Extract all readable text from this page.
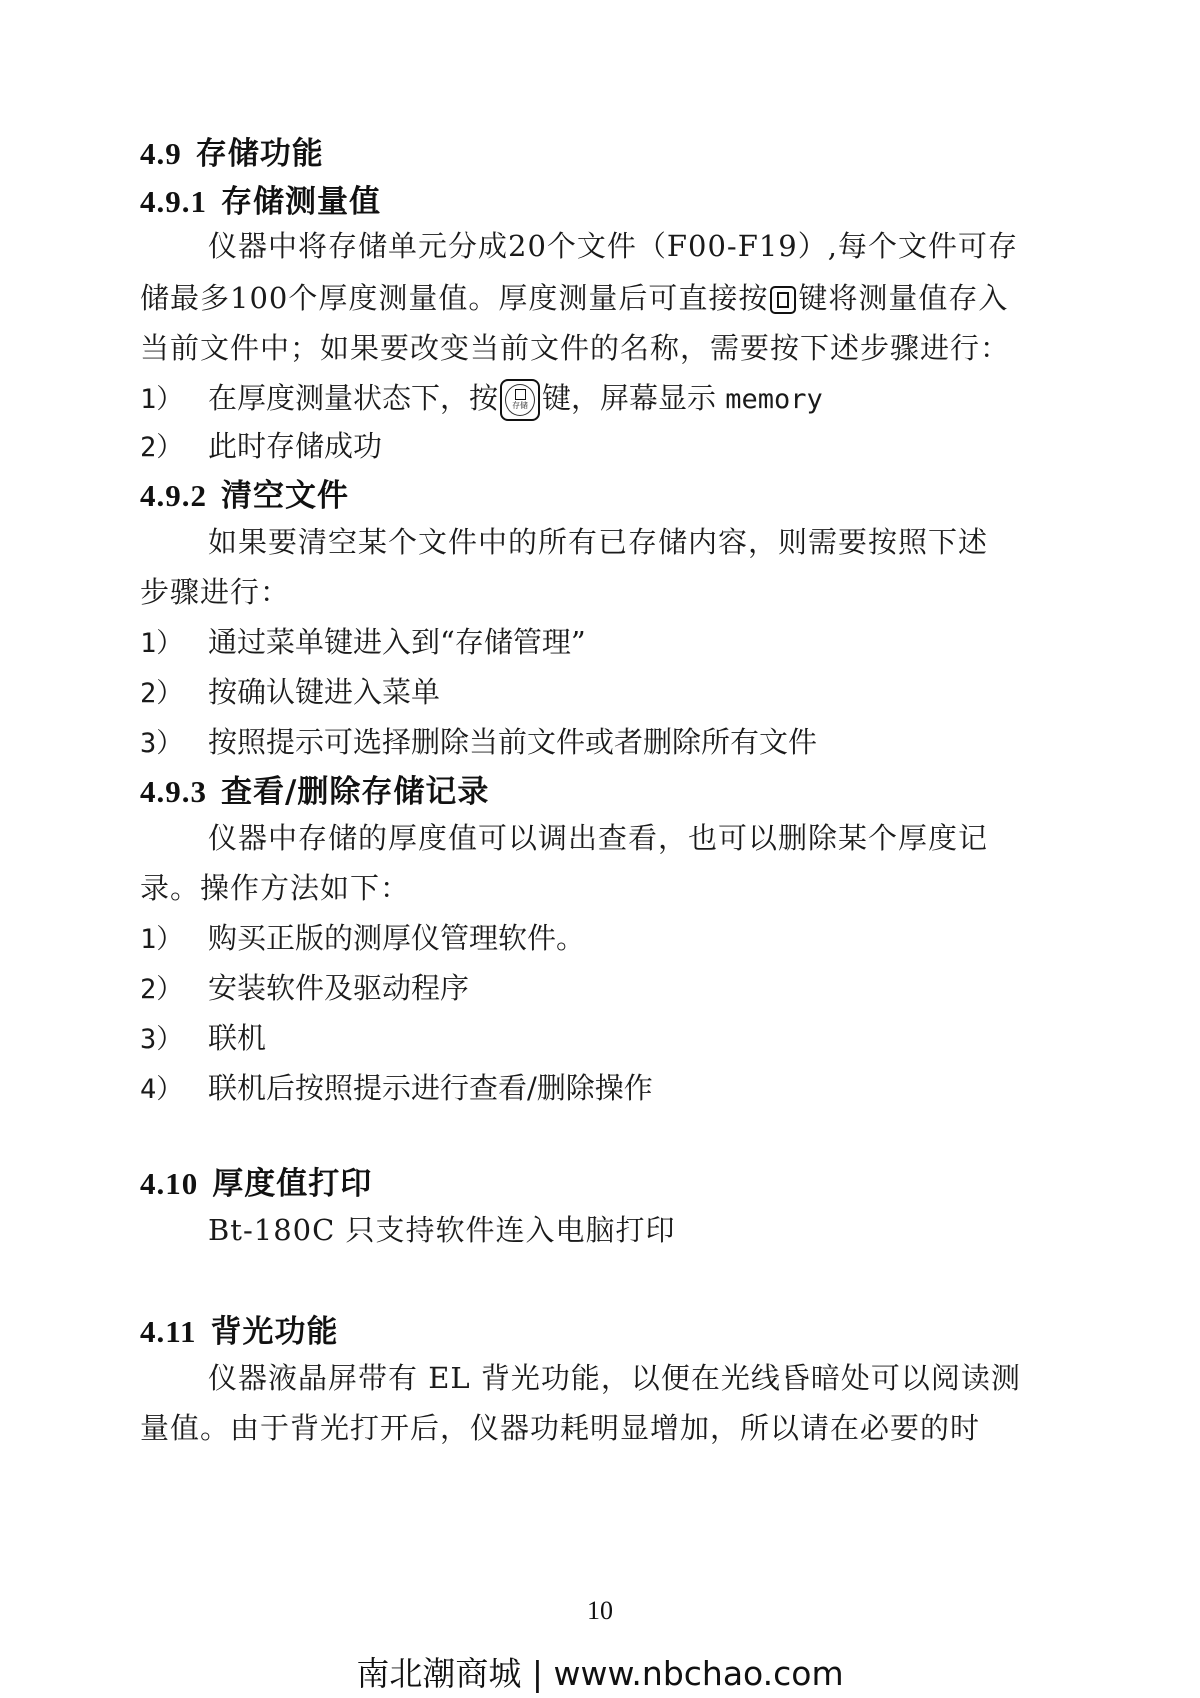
4.9 存储功能
4.9.1 存储测量值
仪器中将存储单元分成20个文件（F00-F19）,每个文件可存
储最多100个厚度测量值。厚度测量后可直接按 键将测量值存入
当前文件中；如果要改变当前文件的名称，需要按下述步骤进行：
1） 在厚度测量状态下，按	存储 键，屏幕显示 memory
2） 此时存储成功
4.9.2 清空文件
如果要清空某个文件中的所有已存储内容，则需要按照下述
步骤进行：
1） 通过菜单键进入到“存储管理”
2） 按确认键进入菜单
3） 按照提示可选择删除当前文件或者删除所有文件
4.9.3 查看/删除存储记录
仪器中存储的厚度值可以调出查看，也可以删除某个厚度记
录。操作方法如下：
1） 购买正版的测厚仪管理软件。
2） 安装软件及驱动程序
3） 联机
4） 联机后按照提示进行查看/删除操作
4.10 厚度值打印
Bt-180C 只支持软件连入电脑打印
4.11 背光功能
仪器液晶屏带有 EL 背光功能，以便在光线昏暗处可以阅读测
量值。由于背光打开后，仪器功耗明显增加，所以请在必要的时
10
南北潮商城 | www.nbchao.com
